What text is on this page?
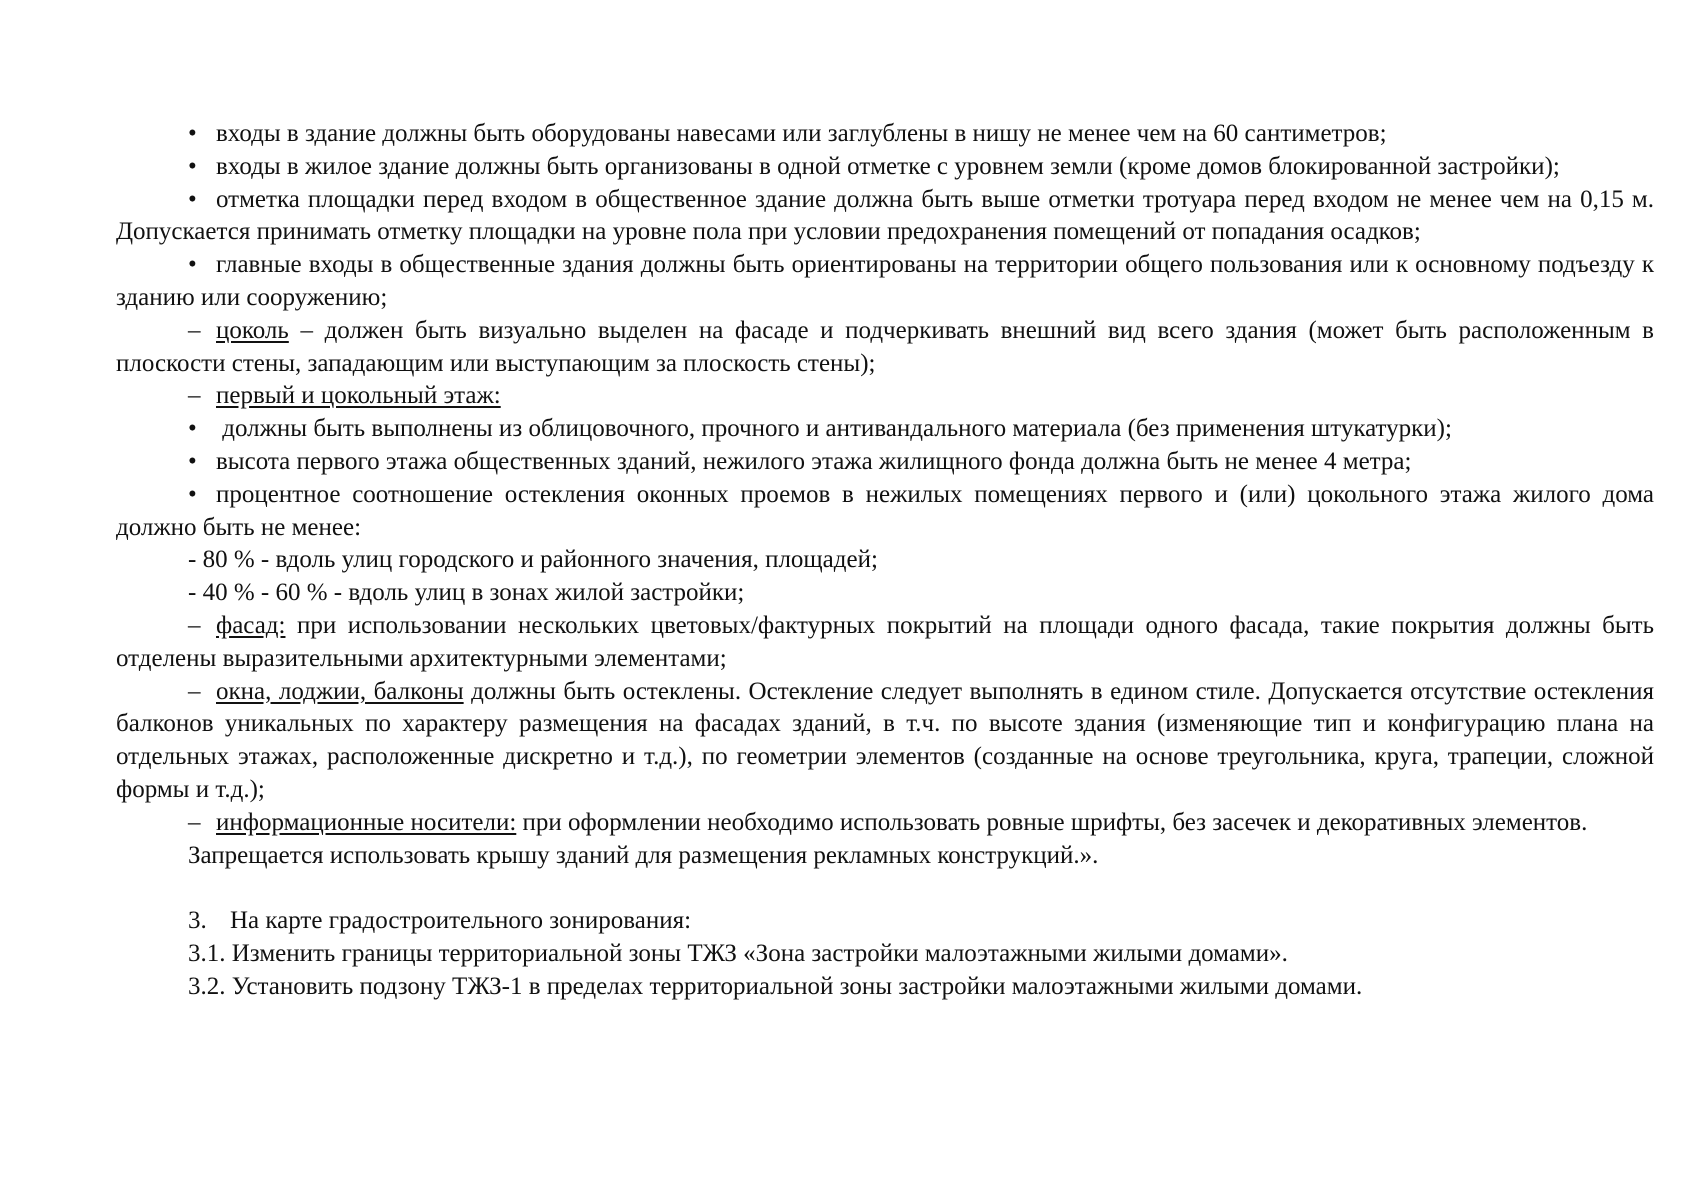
• входы в здание должны быть оборудованы навесами или заглублены в нишу не менее чем на 60 сантиметров;

• входы в жилое здание должны быть организованы в одной отметке с уровнем земли (кроме домов блокированной застройки);

• отметка площадки перед входом в общественное здание должна быть выше отметки тротуара перед входом не менее чем на 0,15 м. Допускается принимать отметку площадки на уровне пола при условии предохранения помещений от попадания осадков;

• главные входы в общественные здания должны быть ориентированы на территории общего пользования или к основному подъезду к зданию или сооружению;

– цоколь – должен быть визуально выделен на фасаде и подчеркивать внешний вид всего здания (может быть расположенным в плоскости стены, западающим или выступающим за плоскость стены);

– первый и цокольный этаж:

• должны быть выполнены из облицовочного, прочного и антивандального материала (без применения штукатурки);

• высота первого этажа общественных зданий, нежилого этажа жилищного фонда должна быть не менее 4 метра;

• процентное соотношение остекления оконных проемов в нежилых помещениях первого и (или) цокольного этажа жилого дома должно быть не менее:

- 80 % - вдоль улиц городского и районного значения, площадей;

- 40 % - 60 % - вдоль улиц в зонах жилой застройки;

– фасад: при использовании нескольких цветовых/фактурных покрытий на площади одного фасада, такие покрытия должны быть отделены выразительными архитектурными элементами;

– окна, лоджии, балконы должны быть остеклены. Остекление следует выполнять в едином стиле. Допускается отсутствие остекления балконов уникальных по характеру размещения на фасадах зданий, в т.ч. по высоте здания (изменяющие тип и конфигурацию плана на отдельных этажах, расположенные дискретно и т.д.), по геометрии элементов (созданные на основе треугольника, круга, трапеции, сложной формы и т.д.);

– информационные носители: при оформлении необходимо использовать ровные шрифты, без засечек и декоративных элементов.

Запрещается использовать крышу зданий для размещения рекламных конструкций.».

3. На карте градостроительного зонирования:

3.1. Изменить границы территориальной зоны ТЖЗ «Зона застройки малоэтажными жилыми домами».

3.2. Установить подзону ТЖЗ-1 в пределах территориальной зоны застройки малоэтажными жилыми домами.
